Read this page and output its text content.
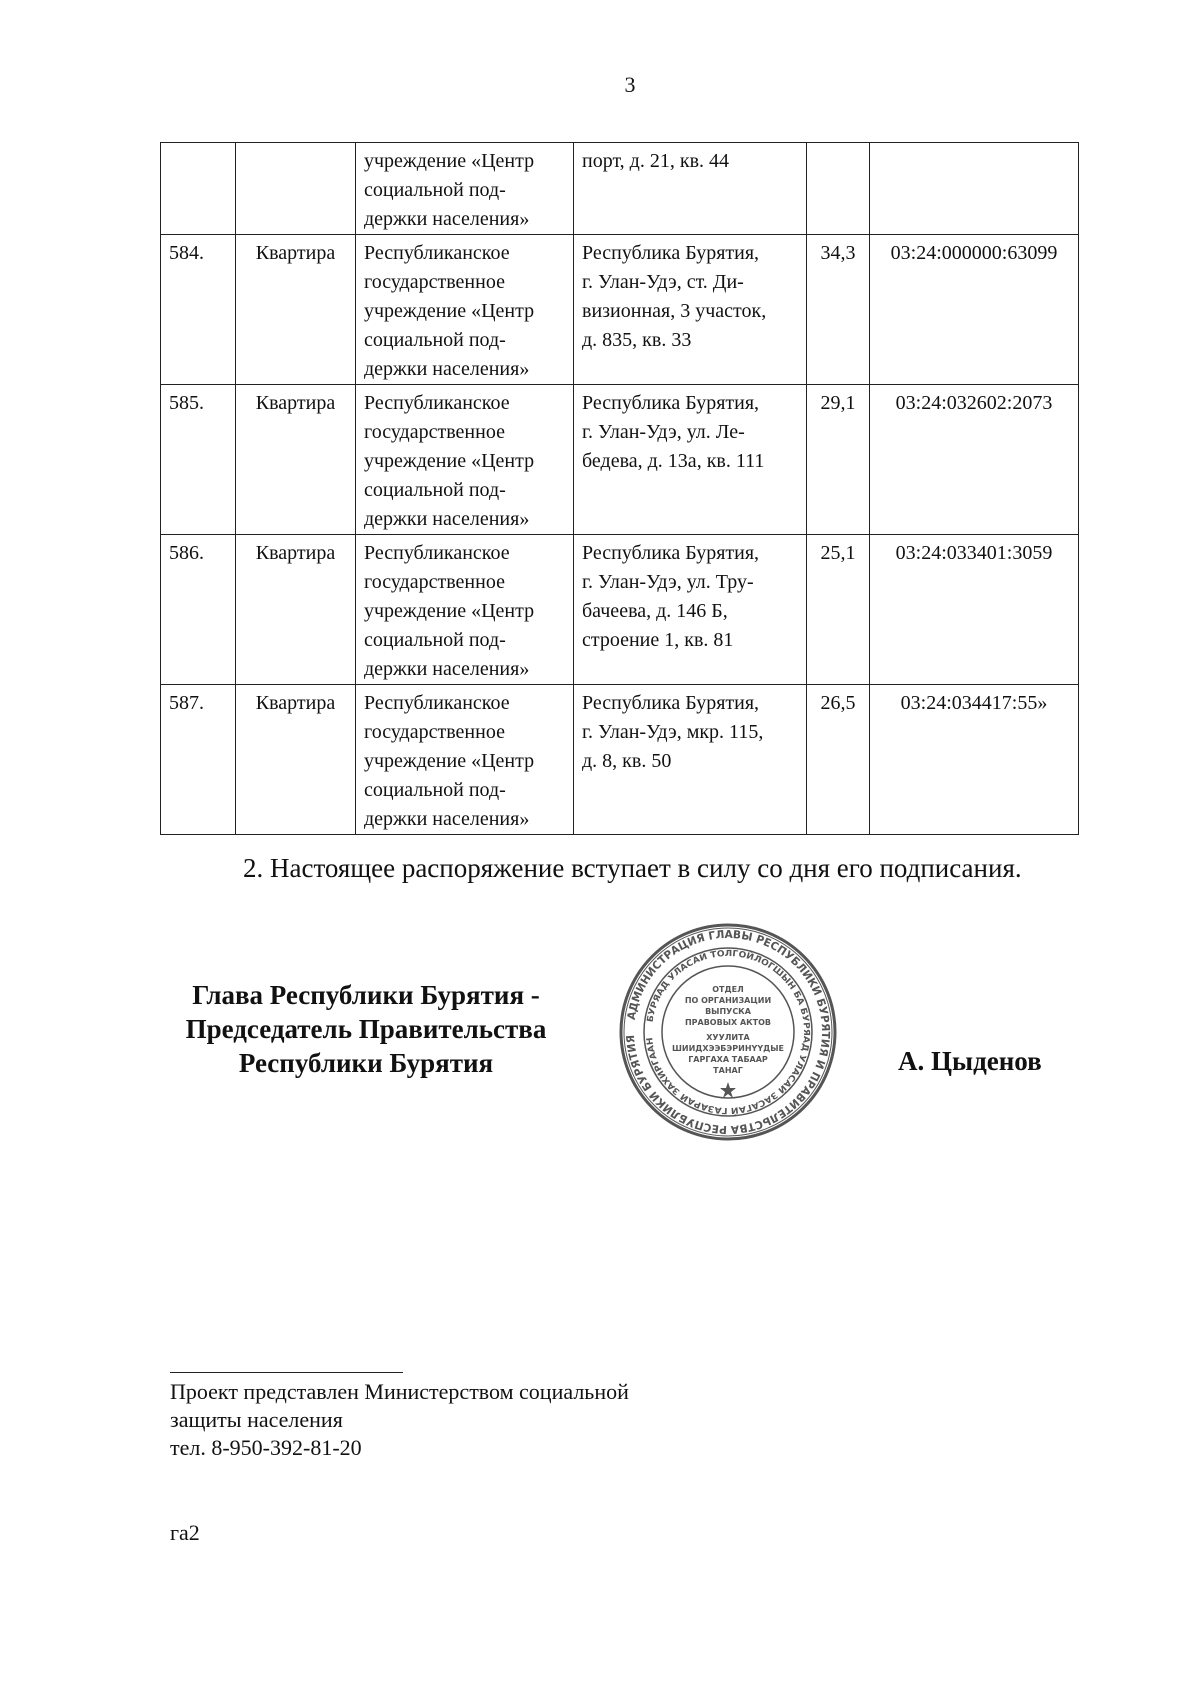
3

		учреждение «Центр
социальной под-
держки населения»	порт, д. 21, кв. 44		

584.	Квартира	Республиканское
государственное
учреждение «Центр
социальной под-
держки населения»	Республика Бурятия,
г. Улан-Удэ, ст. Ди-
визионная, 3 участок,
д. 835, кв. 33	34,3	03:24:000000:63099
585.	Квартира	Республиканское
государственное
учреждение «Центр
социальной под-
держки населения»	Республика Бурятия,
г. Улан-Удэ, ул. Ле-
бедева, д. 13а, кв. 111	29,1	03:24:032602:2073
586.	Квартира	Республиканское
государственное
учреждение «Центр
социальной под-
держки населения»	Республика Бурятия,
г. Улан-Удэ, ул. Тру-
бачеева, д. 146 Б,
строение 1, кв. 81	25,1	03:24:033401:3059
587.	Квартира	Республиканское
государственное
учреждение «Центр
социальной под-
держки населения»	Республика Бурятия,
г. Улан-Удэ, мкр. 115,
д. 8, кв. 50	26,5	03:24:034417:55»
2. Настоящее распоряжение вступает в силу со дня его подписания.
Глава Республики Бурятия -
Председатель Правительства
Республики Бурятия
АДМИНИСТРАЦИЯ ГЛАВЫ РЕСПУБЛИКИ БУРЯТИЯ И ПРАВИТЕЛЬСТВА РЕСПУБЛИКИ БУРЯТИЯ
БУРЯАД УЛАСАЙ ТОЛГОЙЛОГШЫН БА БУРЯАД УЛАСАЙ ЗАСАГАЙ ГАЗАРАЙ ЗАХИРГААН
ОТДЕЛ
ПО ОРГАНИЗАЦИИ
ВЫПУСКА
ПРАВОВЫХ АКТОВ
ХУУЛИТА
ШИИДХЭЭБЭРИНҮҮДЫЕ
ГАРГАХА ТАБААР
ТАНАГ	А. Цыденов
Проект представлен Министерством социальной
защиты населения
тел. 8-950-392-81-20
га2
